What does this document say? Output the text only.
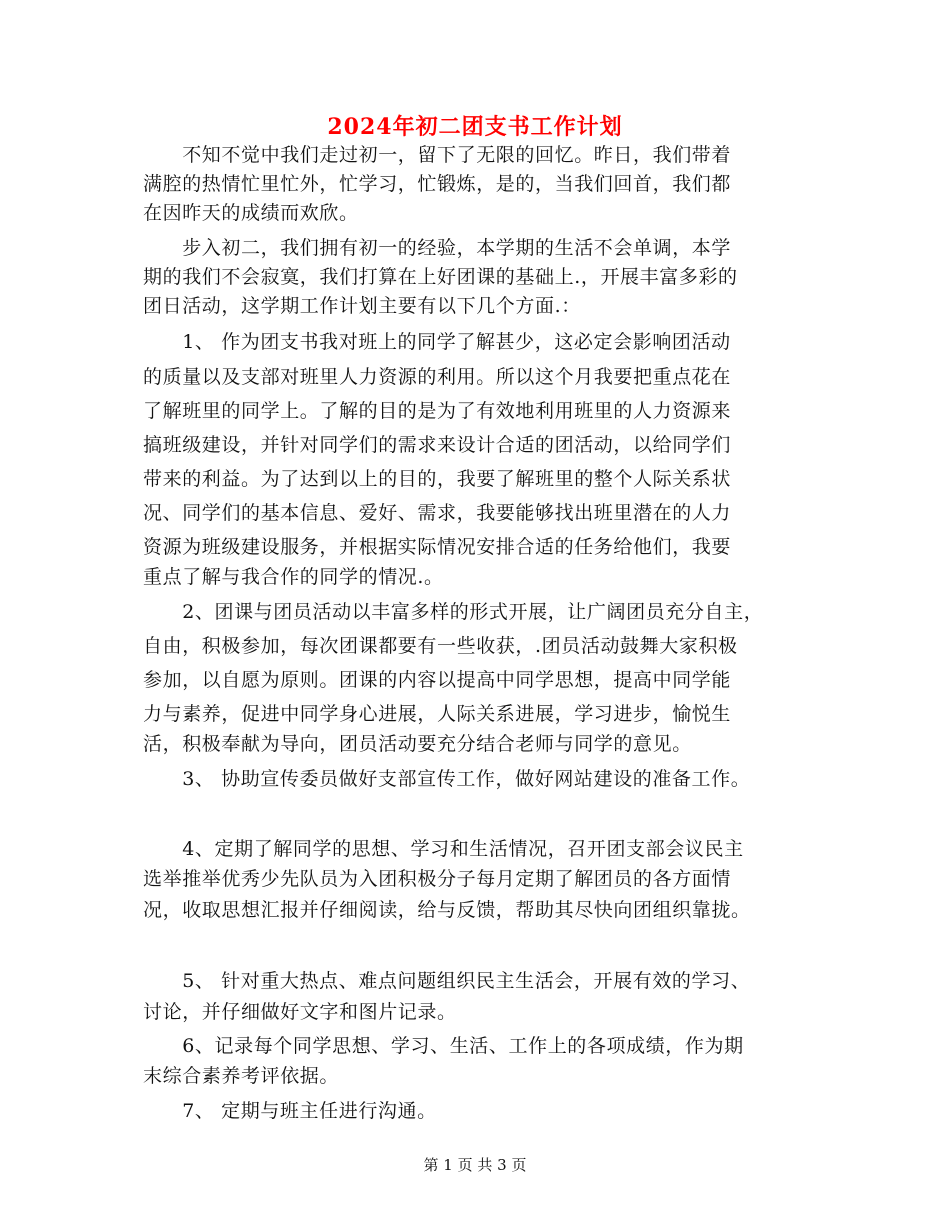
2024年初二团支书工作计划
　　不知不觉中我们走过初一，留下了无限的回忆。昨日，我们带着
满腔的热情忙里忙外，忙学习，忙锻炼，是的，当我们回首，我们都
在因昨天的成绩而欢欣。
　　步入初二，我们拥有初一的经验，本学期的生活不会单调，本学
期的我们不会寂寞，我们打算在上好团课的基础上.，开展丰富多彩的
团日活动，这学期工作计划主要有以下几个方面.：
　　1、 作为团支书我对班上的同学了解甚少，这必定会影响团活动
的质量以及支部对班里人力资源的利用。所以这个月我要把重点花在
了解班里的同学上。了解的目的是为了有效地利用班里的人力资源来
搞班级建设，并针对同学们的需求来设计合适的团活动，以给同学们
带来的利益。为了达到以上的目的，我要了解班里的整个人际关系状
况、同学们的基本信息、爱好、需求，我要能够找出班里潜在的人力
资源为班级建设服务，并根据实际情况安排合适的任务给他们，我要
重点了解与我合作的同学的情况.。
　　2、团课与团员活动以丰富多样的形式开展，让广阔团员充分自主，
自由，积极参加，每次团课都要有一些收获，.团员活动鼓舞大家积极
参加，以自愿为原则。团课的内容以提高中同学思想，提高中同学能
力与素养，促进中同学身心进展，人际关系进展，学习进步，愉悦生
活，积极奉献为导向，团员活动要充分结合老师与同学的意见。
　　3、 协助宣传委员做好支部宣传工作，做好网站建设的准备工作。
　　4、定期了解同学的思想、学习和生活情况，召开团支部会议民主
选举推举优秀少先队员为入团积极分子每月定期了解团员的各方面情
况，收取思想汇报并仔细阅读，给与反馈，帮助其尽快向团组织靠拢。
　　5、 针对重大热点、难点问题组织民主生活会，开展有效的学习、
讨论，并仔细做好文字和图片记录。
　　6、记录每个同学思想、学习、生活、工作上的各项成绩，作为期
末综合素养考评依据。
　　7、 定期与班主任进行沟通。
第 1 页 共 3 页
